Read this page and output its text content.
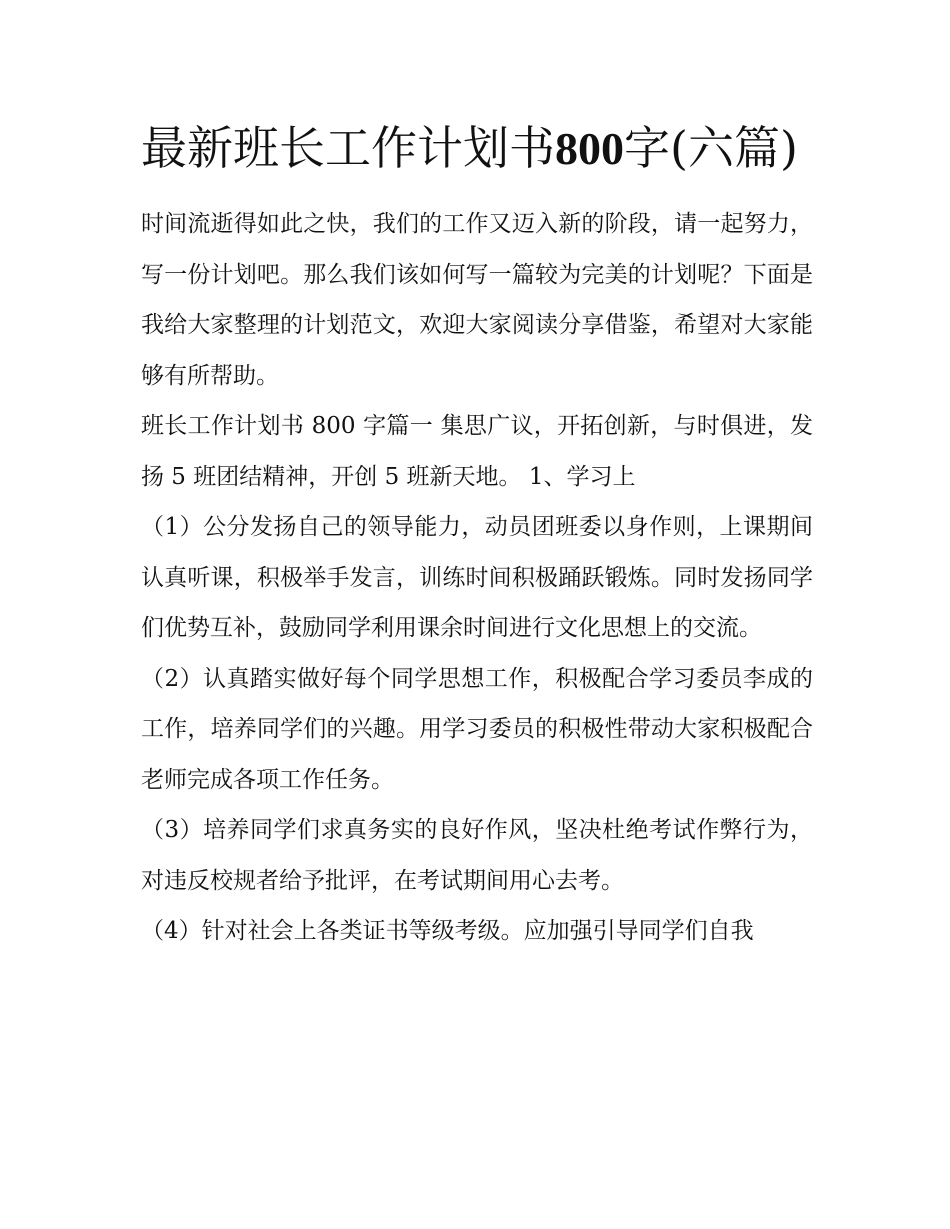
最新班长工作计划书800字(六篇)

时间流逝得如此之快，我们的工作又迈入新的阶段，请一起努力，写一份计划吧。那么我们该如何写一篇较为完美的计划呢？下面是我给大家整理的计划范文，欢迎大家阅读分享借鉴，希望对大家能够有所帮助。

班长工作计划书 800 字篇一 集思广议，开拓创新，与时俱进，发扬 5 班团结精神，开创 5 班新天地。 1、学习上

（1）公分发扬自己的领导能力，动员团班委以身作则，上课期间认真听课，积极举手发言，训练时间积极踊跃锻炼。同时发扬同学们优势互补，鼓励同学利用课余时间进行文化思想上的交流。

（2）认真踏实做好每个同学思想工作，积极配合学习委员李成的工作，培养同学们的兴趣。用学习委员的积极性带动大家积极配合老师完成各项工作任务。

（3）培养同学们求真务实的良好作风，坚决杜绝考试作弊行为，对违反校规者给予批评，在考试期间用心去考。

（4）针对社会上各类证书等级考级。应加强引导同学们自我
